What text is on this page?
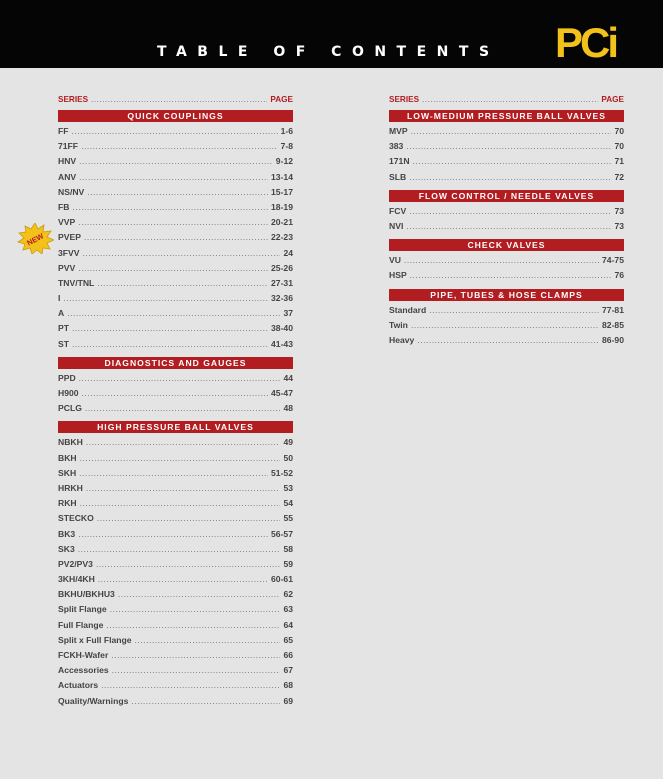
TABLE OF CONTENTS PCi
NEW
SERIES .....	PAGE
QUICK COUPLINGS
FF .....	1-6
71FF .....	7-8
HNV .....	9-12
ANV .....	13-14
NS/NV .....	15-17
FB .....	18-19
VVP .....	20-21
PVEP .....	22-23
3FVV .....	24
PVV .....	25-26
TNV/TNL .....	27-31
I .....	32-36
A .....	37
PT .....	38-40
ST .....	41-43
DIAGNOSTICS AND GAUGES
PPD .....	44
H900 .....	45-47
PCLG .....	48
HIGH PRESSURE BALL VALVES
NBKH .....	49
BKH .....	50
SKH .....	51-52
HRKH .....	53
RKH .....	54
STECKO .....	55
BK3 .....	56-57
SK3 .....	58
PV2/PV3 .....	59
3KH/4KH .....	60-61
BKHU/BKHU3 .....	62
Split Flange .....	63
Full Flange .....	64
Split x Full Flange .....	65
FCKH-Wafer .....	66
Accessories .....	67
Actuators .....	68
Quality/Warnings .....	69
SERIES .....	PAGE
LOW-MEDIUM PRESSURE BALL VALVES
MVP .....	70
383 .....	70
171N .....	71
SLB .....	72
FLOW CONTROL / NEEDLE VALVES
FCV .....	73
NVI .....	73
CHECK VALVES
VU .....	74-75
HSP .....	76
PIPE, TUBES & HOSE CLAMPS
Standard .....	77-81
Twin .....	82-85
Heavy .....	86-90
